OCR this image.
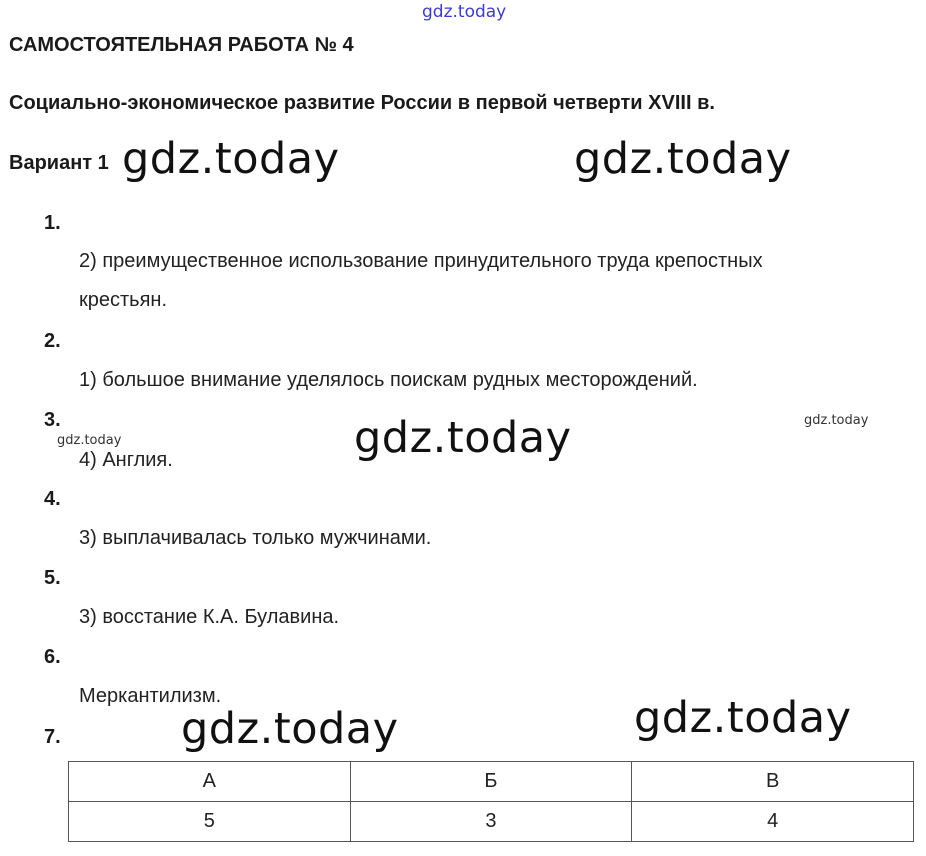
gdz.today
САМОСТОЯТЕЛЬНАЯ РАБОТА № 4
Социально-экономическое развитие России в первой четверти XVIII в.
Вариант 1 gdz.today	gdz.today
1.
2) преимущественное использование принудительного труда крепостных
крестьян.
2.
1) большое внимание уделялось поискам рудных месторождений.
3.
gdz.today
gdz.today
gdz.today
4) Англия.
4.
3) выплачивалась только мужчинами.
5.
3) восстание К.А. Булавина.
6.
Меркантилизм.
gdz.today	gdz.today
7.
А	Б	В
5	3	4
